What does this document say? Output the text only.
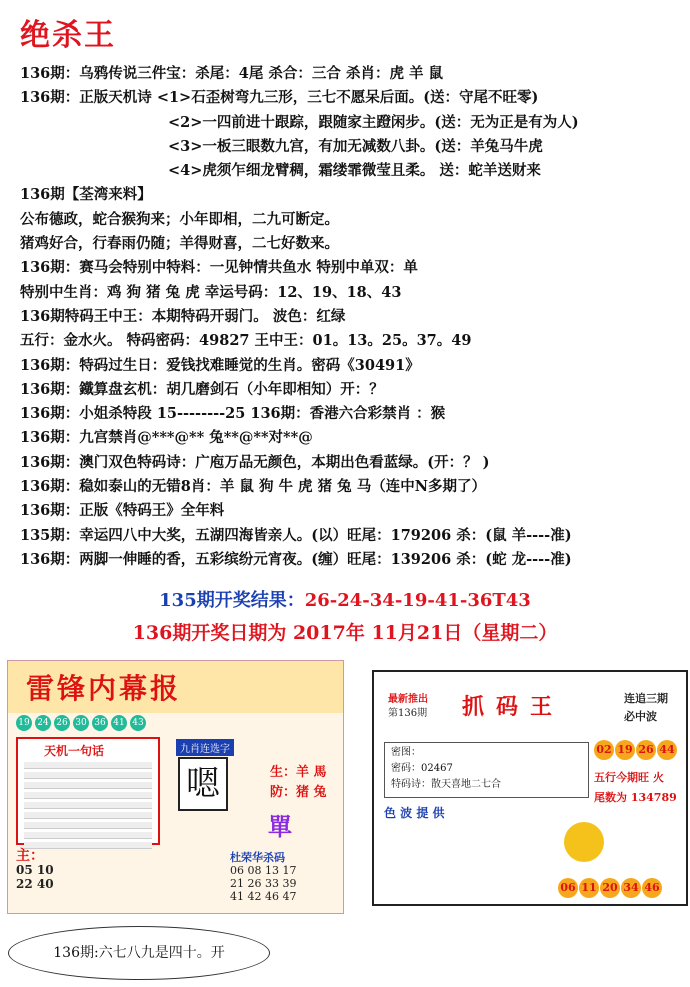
绝杀王
136期：乌鸦传说三件宝：杀尾：4尾 杀合：三合 杀肖：虎 羊 鼠
136期：正版天机诗 <1>石歪树弯九三形，三七不愿呆后面。(送：守尾不旺零)
<2>一四前进十跟踪，跟随家主蹬闲步。(送：无为正是有为人)
<3>一板三眼数九宫，有加无减数八卦。(送：羊兔马牛虎
<4>虎须乍细龙臂稠，霜缕霏微莹且柔。 送：蛇羊送财来
136期【荃湾来料】
公布德政，蛇合猴狗来；小年即相，二九可断定。
猪鸡好合，行春雨仍随；羊得财喜，二七好数来。
136期：赛马会特别中特料：一见钟情共鱼水 特别中单双：单
特别中生肖：鸡 狗 猪 兔 虎 幸运号码：12、19、18、43
136期特码王中王：本期特码开弱门。 波色：红绿
五行：金水火。 特码密码：49827 王中王：01。13。25。37。49
136期：特码过生日：爱钱找难睡觉的生肖。密码《30491》
136期：鐵算盘玄机：胡几磨剑石（小年即相知）开：？
136期：小姐杀特段 15--------25 136期：香港六合彩禁肖 ：猴
136期：九宫禁肖@***@** 兔**@**对**@
136期：澳门双色特码诗：广庖万品无颜色，本期出色看蓝绿。(开：？ )
136期：稳如泰山的无错8肖：羊 鼠 狗 牛 虎 猪 兔 马（连中N多期了）
136期：正版《特码王》全年料
135期：幸运四八中大奖，五湖四海皆亲人。(以）旺尾：179206 杀：(鼠 羊----准)
136期：两脚一伸睡的香，五彩缤纷元宵夜。(缠）旺尾：139206 杀：(蛇 龙----准)
135期开奖结果：26-24-34-19-41-36T43
136期开奖日期为 2017年 11月21日（星期二）
雷锋内幕报
19 24 26 30 36 41 43
天机一句话	九肖连选字
嗯	生：羊 馬
防：猪 兔
單
主：
05 10
22 40
杜荣华杀码
06 08 13 17
21 26 33 39
41 42 46 47
最新推出
第136期 抓码王	连追三期
必中波
密图：
密码：02467
特码诗：散天喜地二七合
02 19 26 44
五行今期旺 火
尾数为 134789
色 波 提 供
06 11 20 34 46
136期:六七八九是四十。开
